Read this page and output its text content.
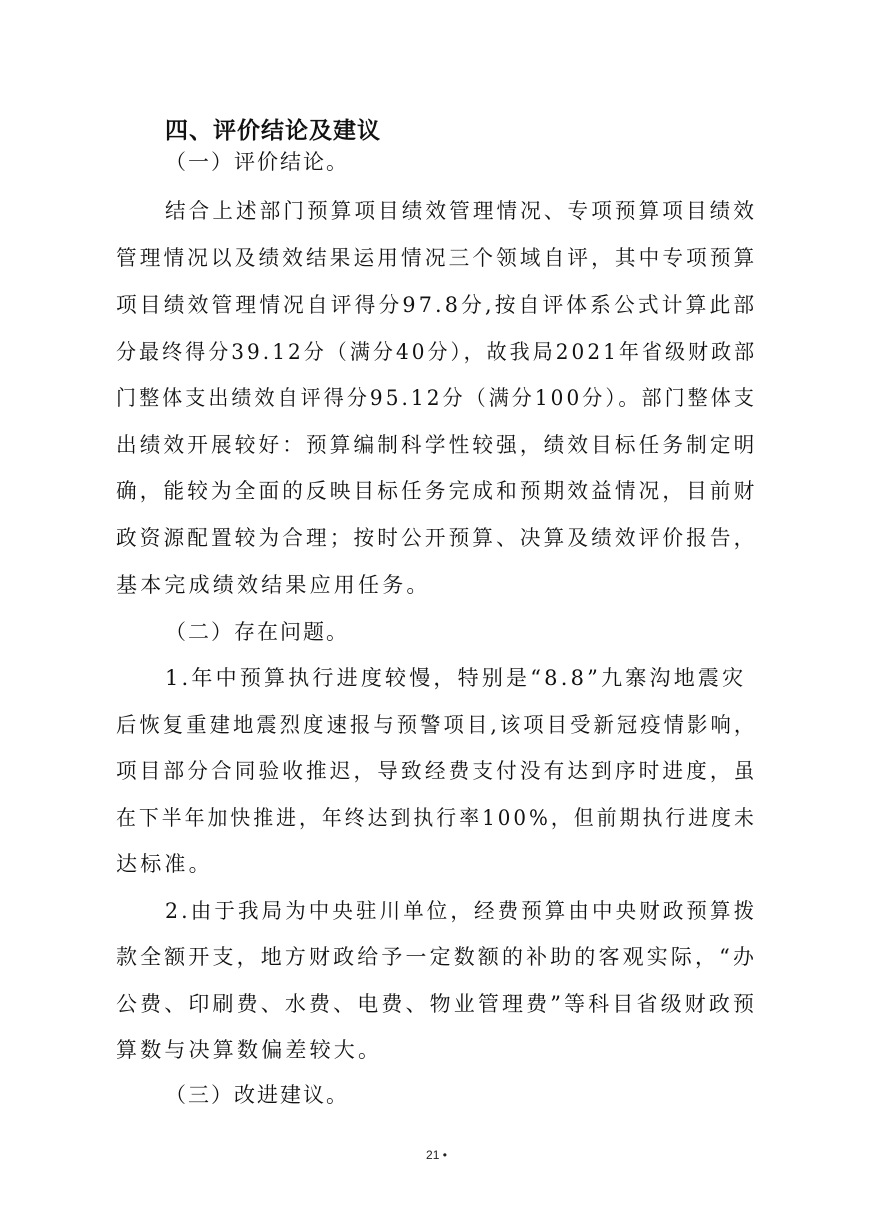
四、评价结论及建议
（一）评价结论。
结合上述部门预算项目绩效管理情况、专项预算项目绩效
管理情况以及绩效结果运用情况三个领域自评，其中专项预算
项目绩效管理情况自评得分97.8分,按自评体系公式计算此部
分最终得分39.12分（满分40分），故我局2021年省级财政部
门整体支出绩效自评得分95.12分（满分100分）。部门整体支
出绩效开展较好：预算编制科学性较强，绩效目标任务制定明
确，能较为全面的反映目标任务完成和预期效益情况，目前财
政资源配置较为合理；按时公开预算、决算及绩效评价报告，
基本完成绩效结果应用任务。
（二）存在问题。
1.年中预算执行进度较慢，特别是“8.8”九寨沟地震灾
后恢复重建地震烈度速报与预警项目,该项目受新冠疫情影响，
项目部分合同验收推迟，导致经费支付没有达到序时进度，虽
在下半年加快推进，年终达到执行率100%，但前期执行进度未
达标准。
2.由于我局为中央驻川单位，经费预算由中央财政预算拨
款全额开支，地方财政给予一定数额的补助的客观实际，“办
公费、印刷费、水费、电费、物业管理费”等科目省级财政预
算数与决算数偏差较大。
（三）改进建议。
21 •
